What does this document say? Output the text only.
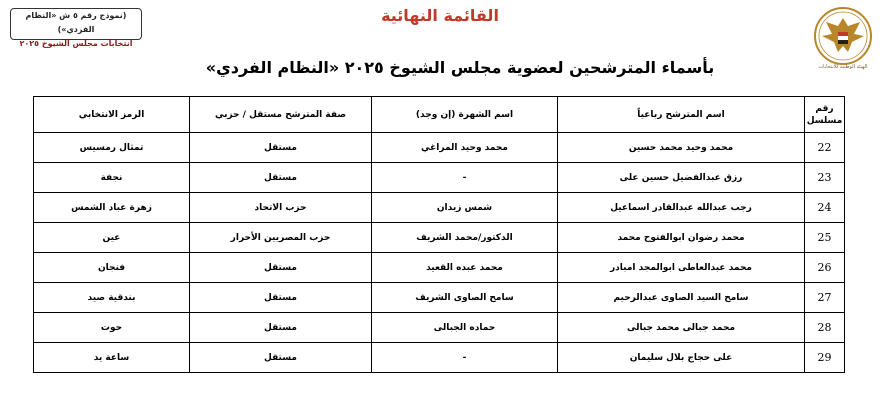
(نموذج رقم ٥ ش «النظام الفردي»)
انتخابات مجلس الشيوخ ٢٠٢٥
القائمة النهائية
الهيئة الوطنية للانتخابات
بأسماء المترشحين لعضوية مجلس الشيوخ ٢٠٢٥ «النظام الفردي»
رقم مسلسل	اسم المترشح رباعياً	اسم الشهرة (إن وجد)	صفة المترشح مستقل / حزبي	الرمز الانتخابي
22	محمد وحيد محمد حسين	محمد وحيد المراغي	مستقل	تمثال رمسيس
23	رزق عبدالفضيل حسين على	-	مستقل	نجفة
24	رجب عبدالله عبدالقادر اسماعيل	شمس زيدان	حزب الاتحاد	زهرة عباد الشمس
25	محمد رضوان ابوالفتوح محمد	الدكتور/محمد الشريف	حزب المصريين الأحرار	عين
26	محمد عبدالعاطى ابوالمجد امبادر	محمد عبده القعيد	مستقل	فنجان
27	سامح السيد الصاوى عبدالرحيم	سامح الصاوى الشريف	مستقل	بندقية صيد
28	محمد جبالى محمد جبالى	حماده الجبالى	مستقل	حوت
29	على حجاج بلال سليمان	-	مستقل	ساعة يد
